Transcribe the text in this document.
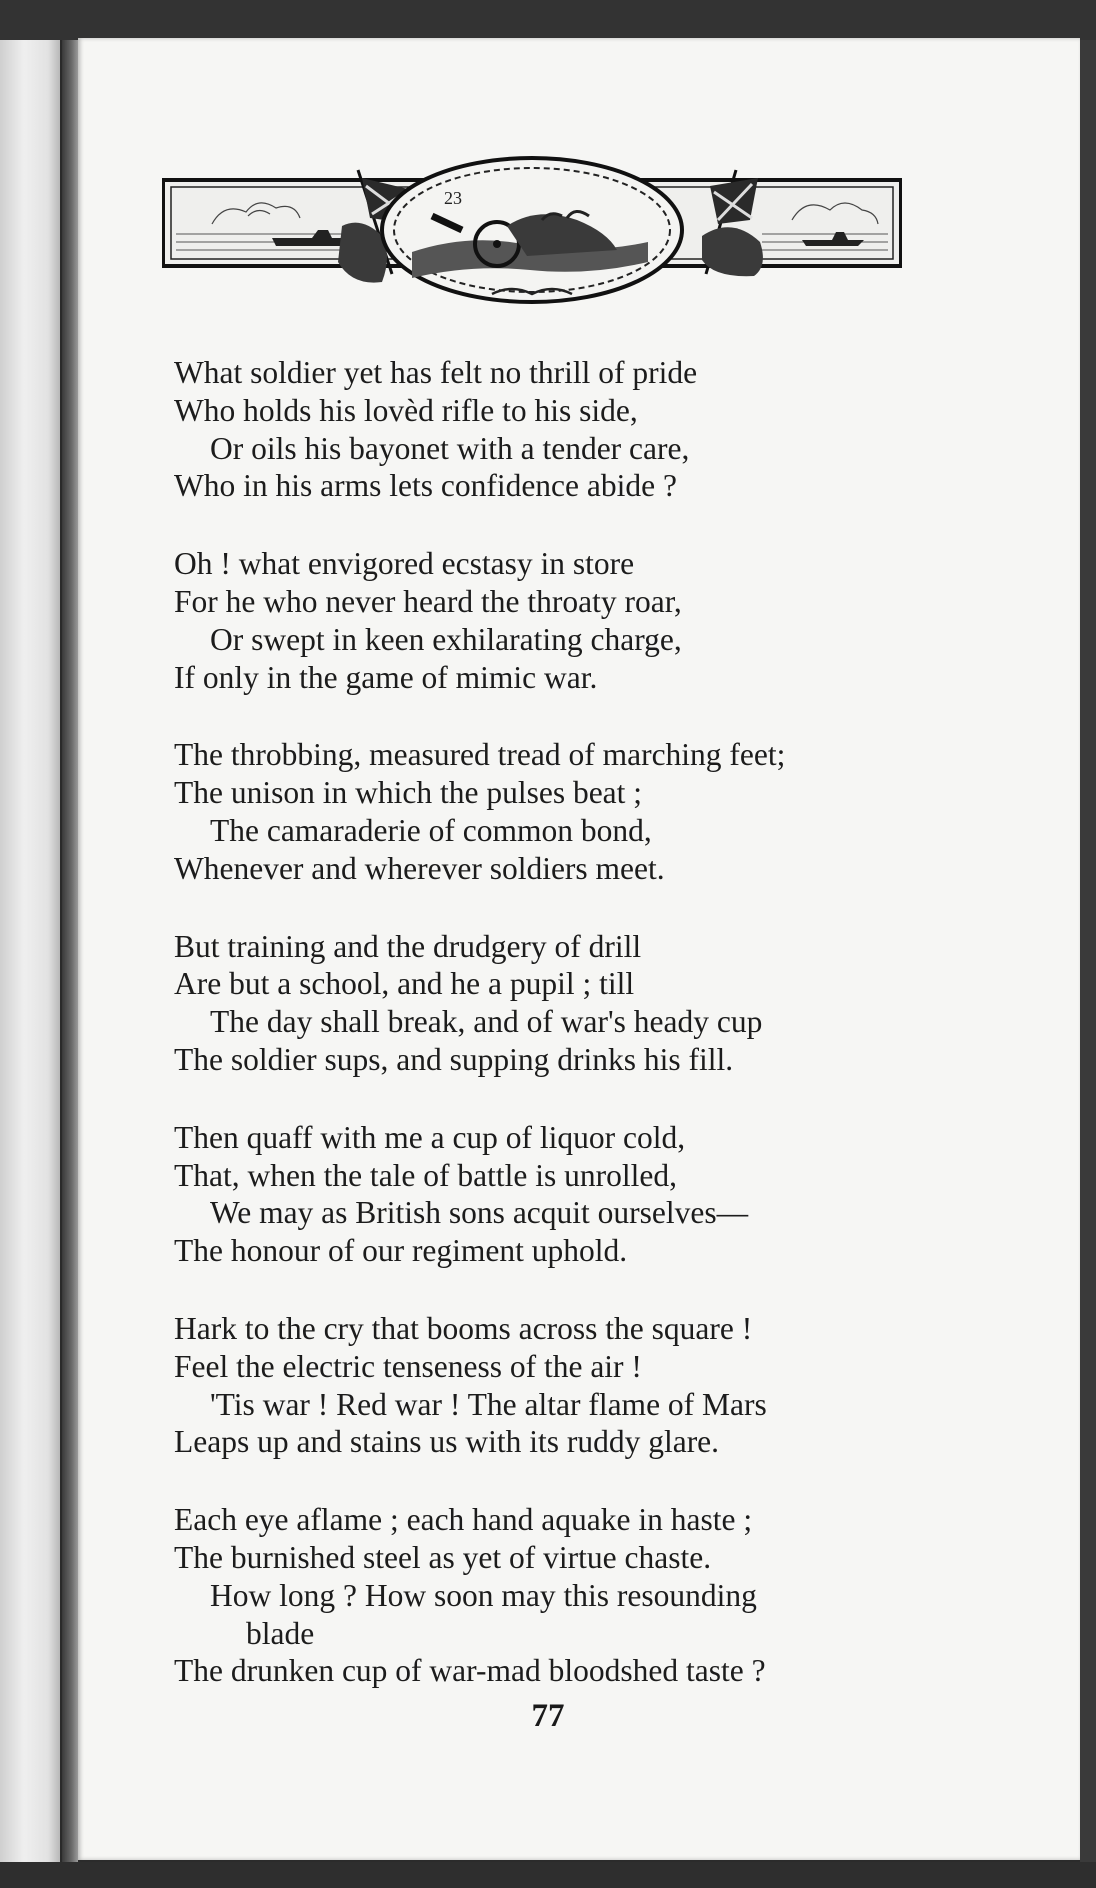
23
What soldier yet has felt no thrill of pride
Who holds his lovèd rifle to his side,
Or oils his bayonet with a tender care,
Who in his arms lets confidence abide ?
Oh ! what envigored ecstasy in store
For he who never heard the throaty roar,
Or swept in keen exhilarating charge,
If only in the game of mimic war.
The throbbing, measured tread of marching feet;
The unison in which the pulses beat ;
The camaraderie of common bond,
Whenever and wherever soldiers meet.
But training and the drudgery of drill
Are but a school, and he a pupil ; till
The day shall break, and of war's heady cup
The soldier sups, and supping drinks his fill.
Then quaff with me a cup of liquor cold,
That, when the tale of battle is unrolled,
We may as British sons acquit ourselves—
The honour of our regiment uphold.
Hark to the cry that booms across the square !
Feel the electric tenseness of the air !
'Tis war ! Red war ! The altar flame of Mars
Leaps up and stains us with its ruddy glare.
Each eye aflame ; each hand aquake in haste ;
The burnished steel as yet of virtue chaste.
How long ? How soon may this resounding
blade
The drunken cup of war-mad bloodshed taste ?
77
